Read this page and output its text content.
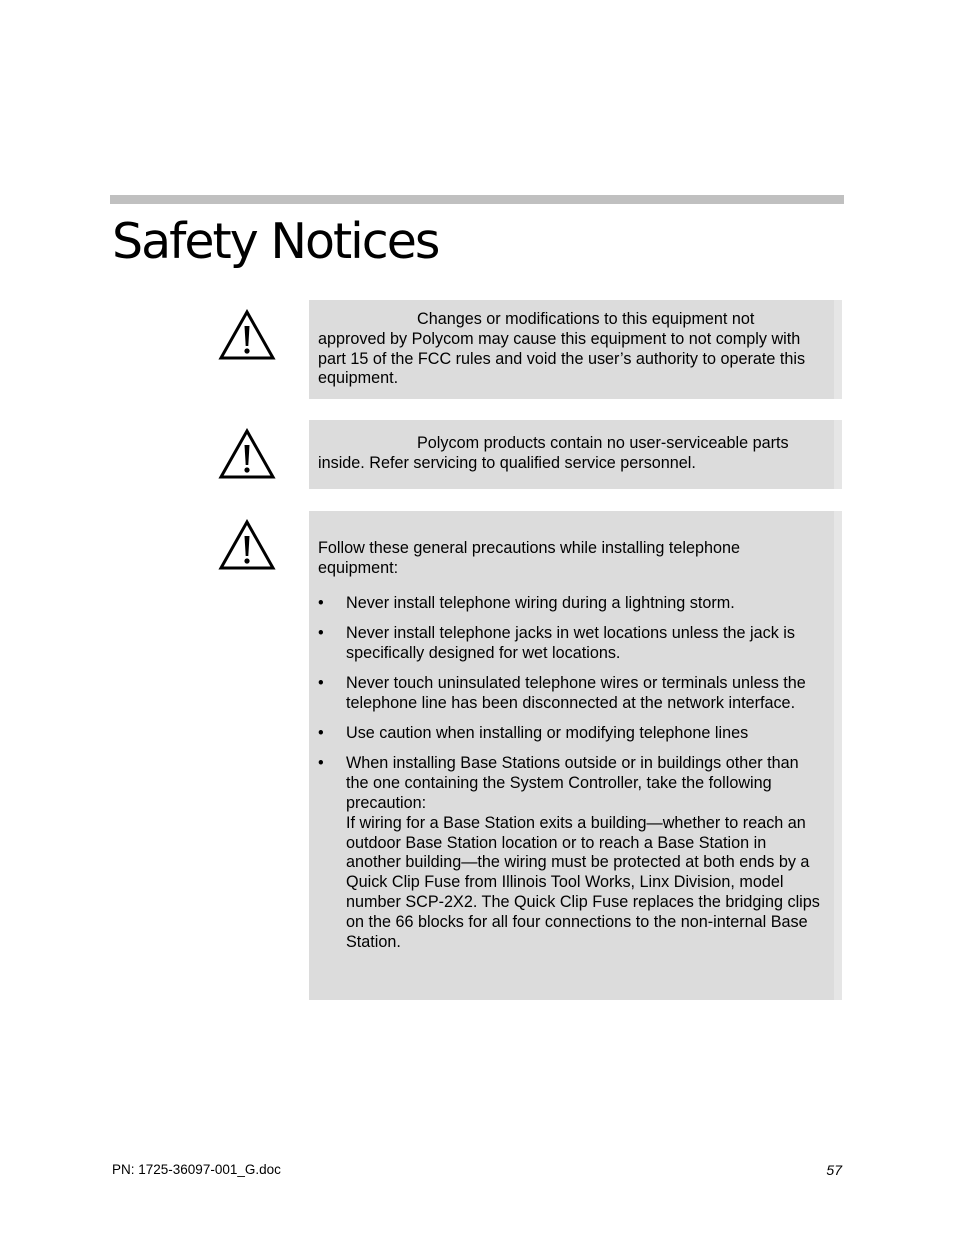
Safety Notices

Changes or modifications to this equipment not approved by Polycom may cause this equipment to not comply with part 15 of the FCC rules and void the user’s authority to operate this equipment.

Polycom products contain no user-serviceable parts inside. Refer servicing to qualified service personnel.

Follow these general precautions while installing telephone equipment:

• Never install telephone wiring during a lightning storm.
• Never install telephone jacks in wet locations unless the jack is specifically designed for wet locations.
• Never touch uninsulated telephone wires or terminals unless the telephone line has been disconnected at the network interface.
• Use caution when installing or modifying telephone lines
• When installing Base Stations outside or in buildings other than the one containing the System Controller, take the following precaution:
If wiring for a Base Station exits a building—whether to reach an outdoor Base Station location or to reach a Base Station in another building—the wiring must be protected at both ends by a Quick Clip Fuse from Illinois Tool Works, Linx Division, model number SCP-2X2. The Quick Clip Fuse replaces the bridging clips on the 66 blocks for all four connections to the non-internal Base Station.
PN: 1725-36097-001_G.doc	57
